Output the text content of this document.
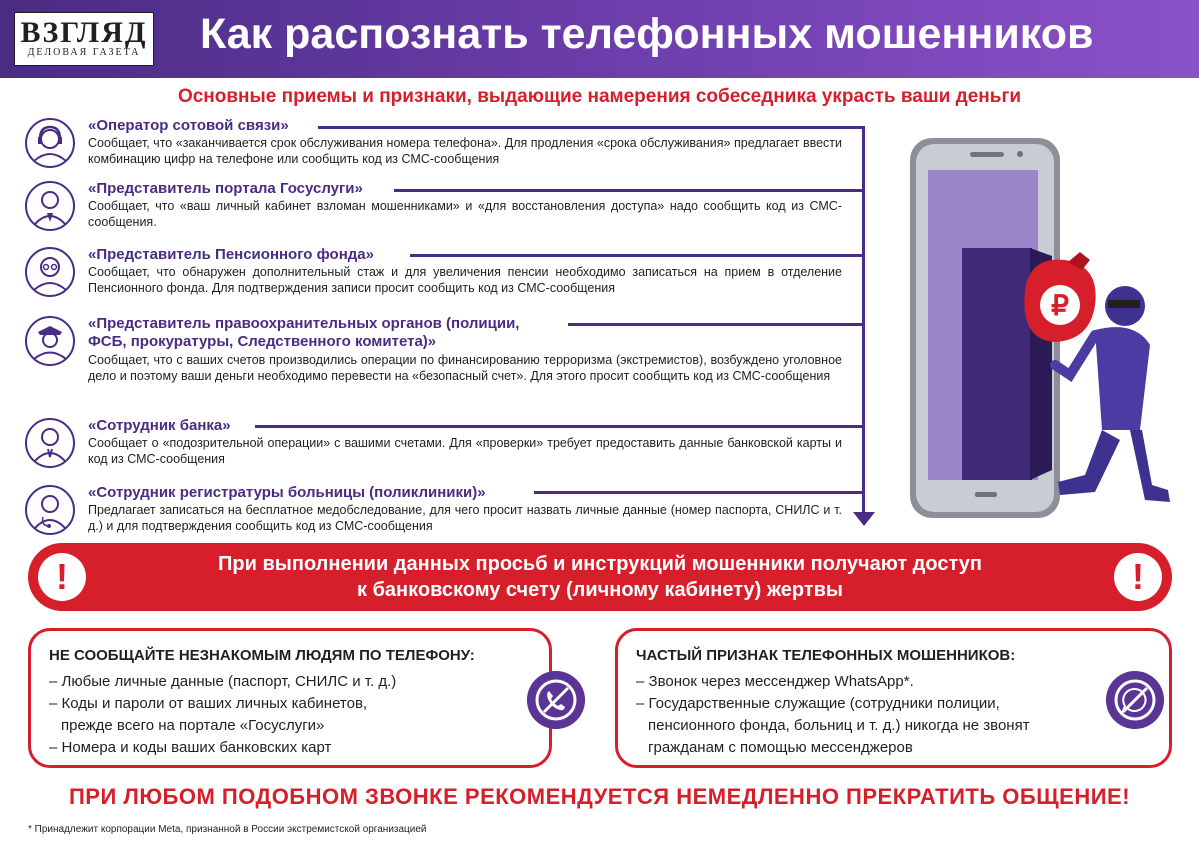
ВЗГЛЯД
ДЕЛОВАЯ ГАЗЕТА Как распознать телефонных мошенников
Основные приемы и признаки, выдающие намерения собеседника украсть ваши деньги
«Оператор сотовой связи»
Сообщает, что «заканчивается срок обслуживания номера телефона». Для продления «срока обслуживания» предлагает ввести комбинацию цифр на телефоне или сообщить код из СМС-сообщения
«Представитель портала Госуслуги»
Сообщает, что «ваш личный кабинет взломан мошенниками» и «для восстановления доступа» надо сообщить код из СМС-сообщения.
«Представитель Пенсионного фонда»
Сообщает, что обнаружен дополнительный стаж и для увеличения пенсии необходимо записаться на прием в отделение Пенсионного фонда. Для подтверждения записи просит сообщить код из СМС-сообщения
«Представитель правоохранительных органов (полиции,
ФСБ, прокуратуры, Следственного комитета)»
Сообщает, что с ваших счетов производились операции по финансированию терроризма (экстремистов), возбуждено уголовное дело и поэтому ваши деньги необходимо перевести на «безопасный счет». Для этого просит сообщить код из СМС-сообщения
«Сотрудник банка»
Сообщает о «подозрительной операции» с вашими счетами. Для «проверки» требует предоставить данные банковской карты и код из СМС-сообщения
«Сотрудник регистратуры больницы (поликлиники)»
Предлагает записаться на бесплатное медобследование, для чего просит назвать личные данные (номер паспорта, СНИЛС и т. д.) и для подтверждения сообщить код из СМС-сообщения
₽
!	При выполнении данных просьб и инструкций мошенники получают доступ
к банковскому счету (личному кабинету) жертвы	!
НЕ СООБЩАЙТЕ НЕЗНАКОМЫМ ЛЮДЯМ ПО ТЕЛЕФОНУ:
– Любые личные данные (паспорт, СНИЛС и т. д.)
– Коды и пароли от ваших личных кабинетов,
прежде всего на портале «Госуслуги»
– Номера и коды ваших банковских карт
ЧАСТЫЙ ПРИЗНАК ТЕЛЕФОННЫХ МОШЕННИКОВ:
– Звонок через мессенджер WhatsApp*.
– Государственные служащие (сотрудники полиции,
пенсионного фонда, больниц и т. д.) никогда не звонят
гражданам с помощью мессенджеров
ПРИ ЛЮБОМ ПОДОБНОМ ЗВОНКЕ РЕКОМЕНДУЕТСЯ НЕМЕДЛЕННО ПРЕКРАТИТЬ ОБЩЕНИЕ!
* Принадлежит корпорации Meta, признанной в России экстремистской организацией
